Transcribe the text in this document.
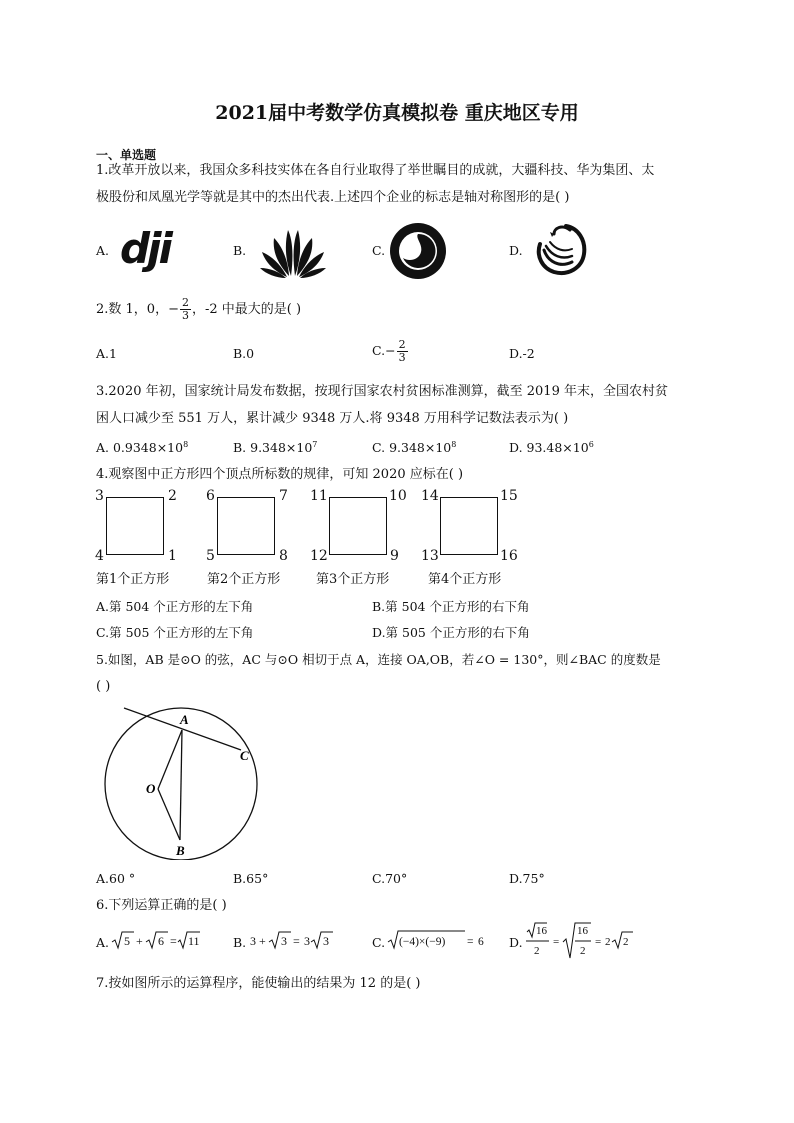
2021届中考数学仿真模拟卷 重庆地区专用
一、单选题
1.改革开放以来，我国众多科技实体在各自行业取得了举世瞩目的成就，大疆科技、华为集团、太
极股份和凤凰光学等就是其中的杰出代表.上述四个企业的标志是轴对称图形的是( )
A. dji	B.	C.	D.
2.数 1，0，− $\frac{2}{3}$ ，-2 中最大的是( )
A.1	B.0	$C.- \frac{2}{3}$	D.-2
3.2020 年初，国家统计局发布数据，按现行国家农村贫困标准测算，截至 2019 年末，全国农村贫
困人口减少至 551 万人，累计减少 9348 万人.将 9348 万用科学记数法表示为( )
A. $0.9348\times 10^8$	B. $9.348\times 10^7$	C. $9.348\times 10^8$	D. $93.48\times 10^6$
4.观察图中正方形四个顶点所标数的规律，可知 2020 应标在( )
3	2
4	1
第1个正方形
6	7
5	8
第2个正方形
11	10
12	9
第3个正方形
14	15
13	16
第4个正方形
A.第 504 个正方形的左下角	B.第 504 个正方形的右下角
C.第 505 个正方形的左下角	D.第 505 个正方形的右下角
5.如图，AB 是⊙O 的弦，AC 与⊙O 相切于点 A，连接 OA,OB，若∠O = 130°，则∠BAC 的度数是
( )
A
B
C
O
A.60 °	B.65°	C.70°	D.75°
6.下列运算正确的是( )
A. 5 + 6 = 11	B. 3 + 3 = 3 3	C. (−4)×(−9) = 6 D.
16
2
=
16
2
= 2 2
7.按如图所示的运算程序，能使输出的结果为 12 的是( )
